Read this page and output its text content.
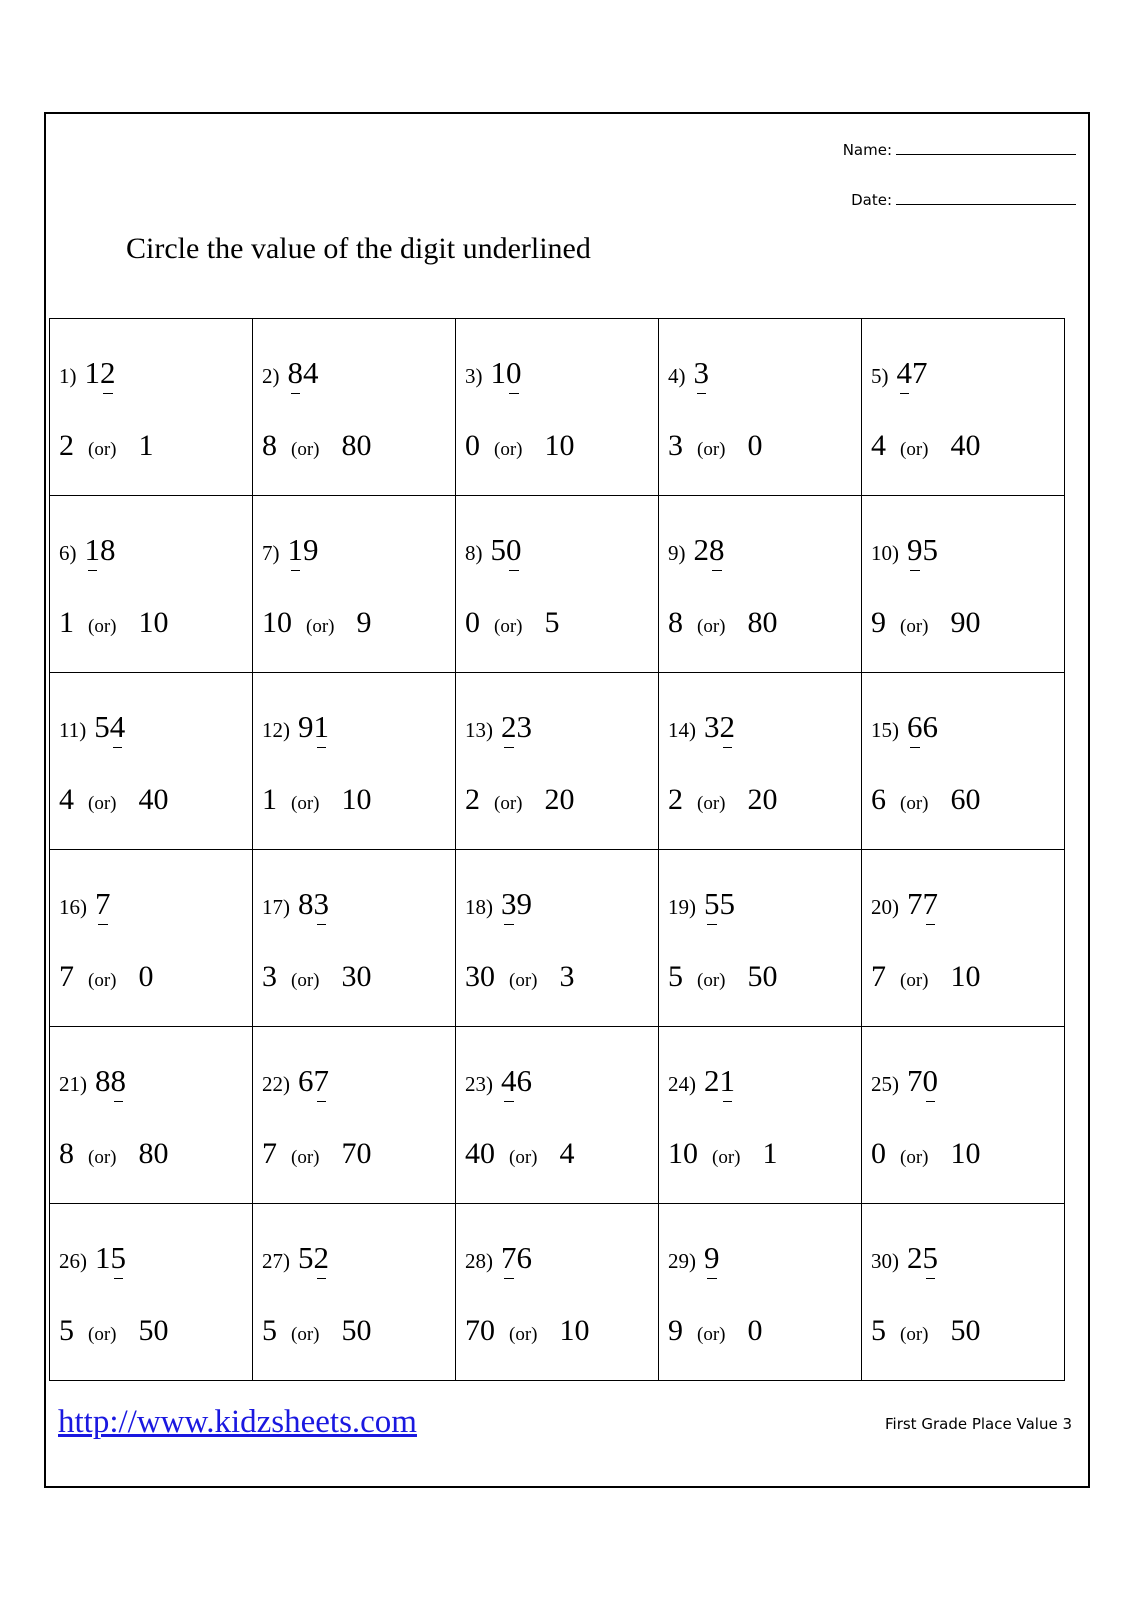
Name:
Date:
Circle the value of the digit underlined
1) 12
2 (or) 1
2) 84
8 (or) 80
3) 10
0 (or) 10
4) 3
3 (or) 0
5) 47
4 (or) 40
6) 18
1 (or) 10
7) 19
10 (or) 9
8) 50
0 (or) 5
9) 28
8 (or) 80
10) 95
9 (or) 90
11) 54
4 (or) 40
12) 91
1 (or) 10
13) 23
2 (or) 20
14) 32
2 (or) 20
15) 66
6 (or) 60
16) 7
7 (or) 0
17) 83
3 (or) 30
18) 39
30 (or) 3
19) 55
5 (or) 50
20) 77
7 (or) 10
21) 88
8 (or) 80
22) 67
7 (or) 70
23) 46
40 (or) 4
24) 21
10 (or) 1
25) 70
0 (or) 10
26) 15
5 (or) 50
27) 52
5 (or) 50
28) 76
70 (or) 10
29) 9
9 (or) 0
30) 25
5 (or) 50
http://www.kidzsheets.com	First Grade Place Value 3
